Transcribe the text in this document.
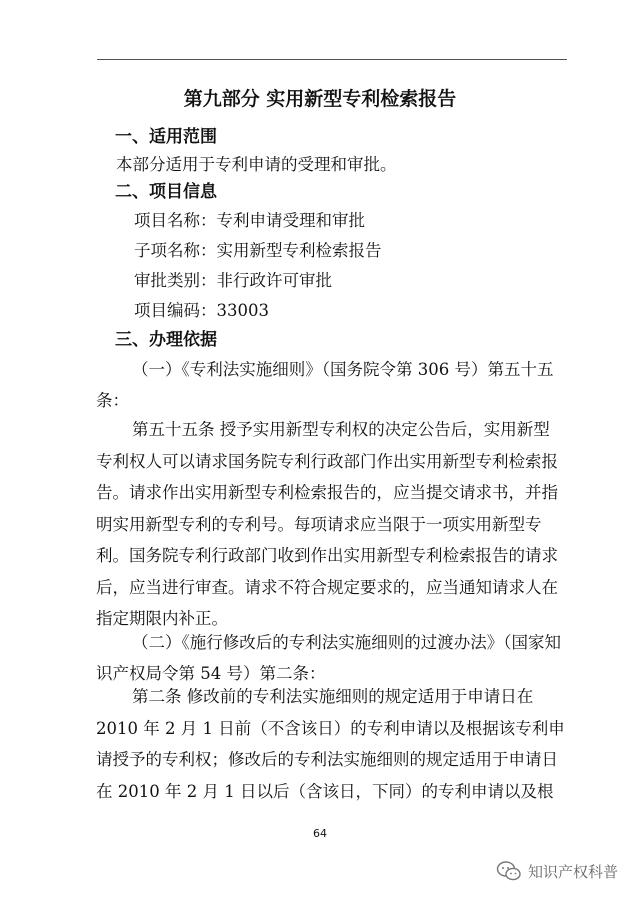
第九部分 实用新型专利检索报告
一、适用范围
本部分适用于专利申请的受理和审批。
二、项目信息
项目名称：专利申请受理和审批
子项名称：实用新型专利检索报告
审批类别：非行政许可审批
项目编码：33003
三、办理依据
（一）《专利法实施细则》（国务院令第 306 号）第五十五条：

第五十五条 授予实用新型专利权的决定公告后，实用新型专利权人可以请求国务院专利行政部门作出实用新型专利检索报告。请求作出实用新型专利检索报告的，应当提交请求书，并指明实用新型专利的专利号。每项请求应当限于一项实用新型专利。国务院专利行政部门收到作出实用新型专利检索报告的请求后，应当进行审查。请求不符合规定要求的，应当通知请求人在指定期限内补正。

（二）《施行修改后的专利法实施细则的过渡办法》（国家知识产权局令第 54 号）第二条：

第二条 修改前的专利法实施细则的规定适用于申请日在 2010 年 2 月 1 日前（不含该日）的专利申请以及根据该专利申请授予的专利权；修改后的专利法实施细则的规定适用于申请日在 2010 年 2 月 1 日以后（含该日，下同）的专利申请以及根

64
知识产权科普
